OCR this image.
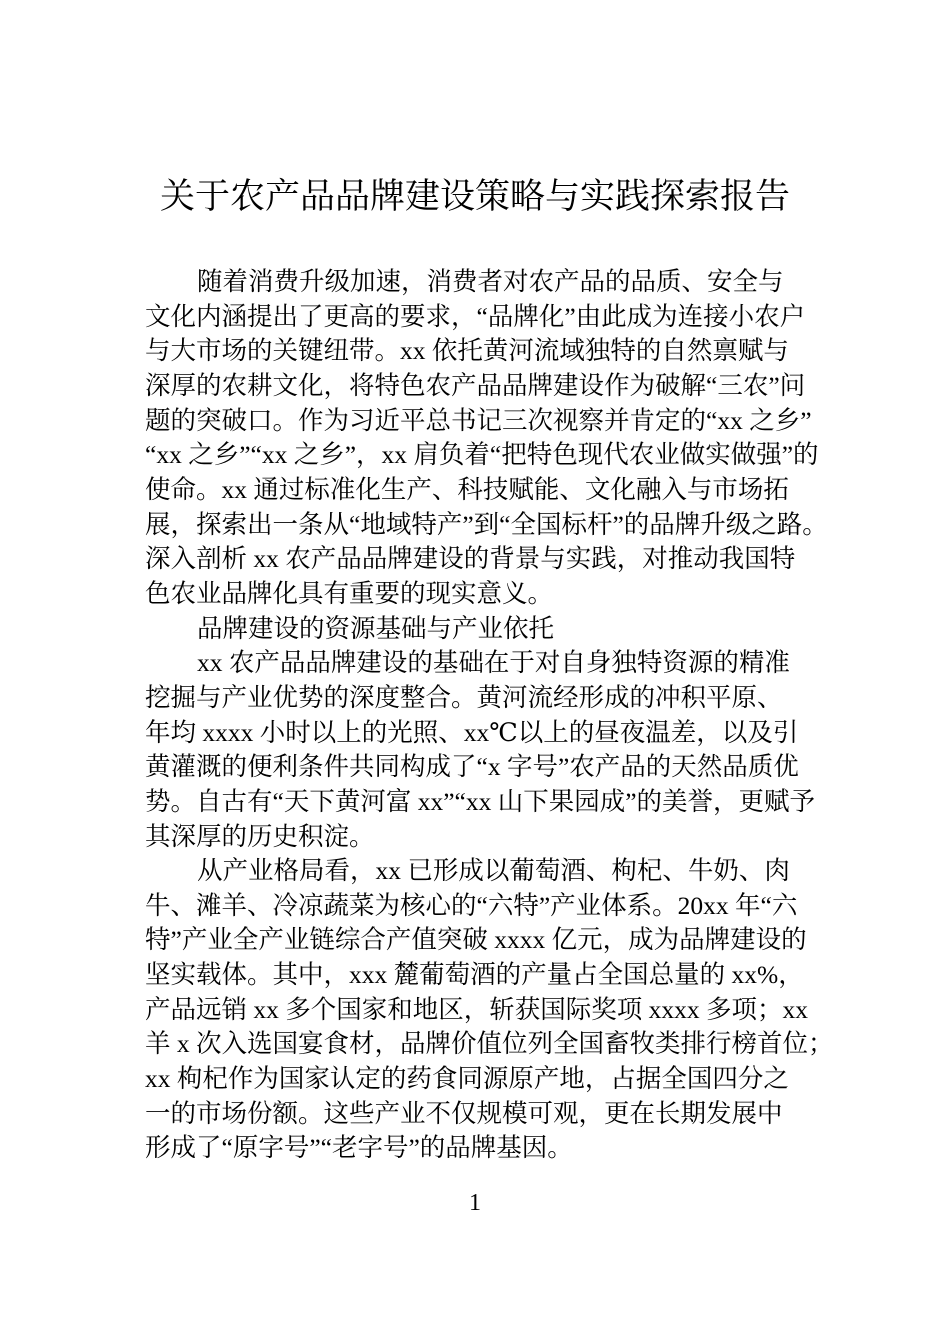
关于农产品品牌建设策略与实践探索报告
随着消费升级加速，消费者对农产品的品质、安全与
文化内涵提出了更高的要求，“品牌化”由此成为连接小农户
与大市场的关键纽带。xx 依托黄河流域独特的自然禀赋与
深厚的农耕文化，将特色农产品品牌建设作为破解“三农”问
题的突破口。作为习近平总书记三次视察并肯定的“xx 之乡”
“xx 之乡”“xx 之乡”，xx 肩负着“把特色现代农业做实做强”的
使命。xx 通过标准化生产、科技赋能、文化融入与市场拓
展，探索出一条从“地域特产”到“全国标杆”的品牌升级之路。
深入剖析 xx 农产品品牌建设的背景与实践，对推动我国特
色农业品牌化具有重要的现实意义。
品牌建设的资源基础与产业依托
xx 农产品品牌建设的基础在于对自身独特资源的精准
挖掘与产业优势的深度整合。黄河流经形成的冲积平原、
年均 xxxx 小时以上的光照、xx℃以上的昼夜温差，以及引
黄灌溉的便利条件共同构成了“x 字号”农产品的天然品质优
势。自古有“天下黄河富 xx”“xx 山下果园成”的美誉，更赋予
其深厚的历史积淀。
从产业格局看，xx 已形成以葡萄酒、枸杞、牛奶、肉
牛、滩羊、冷凉蔬菜为核心的“六特”产业体系。20xx 年“六
特”产业全产业链综合产值突破 xxxx 亿元，成为品牌建设的
坚实载体。其中，xxx 麓葡萄酒的产量占全国总量的 xx%，
产品远销 xx 多个国家和地区，斩获国际奖项 xxxx 多项；xx
羊 x 次入选国宴食材，品牌价值位列全国畜牧类排行榜首位；
xx 枸杞作为国家认定的药食同源原产地，占据全国四分之
一的市场份额。这些产业不仅规模可观，更在长期发展中
形成了“原字号”“老字号”的品牌基因。
1
